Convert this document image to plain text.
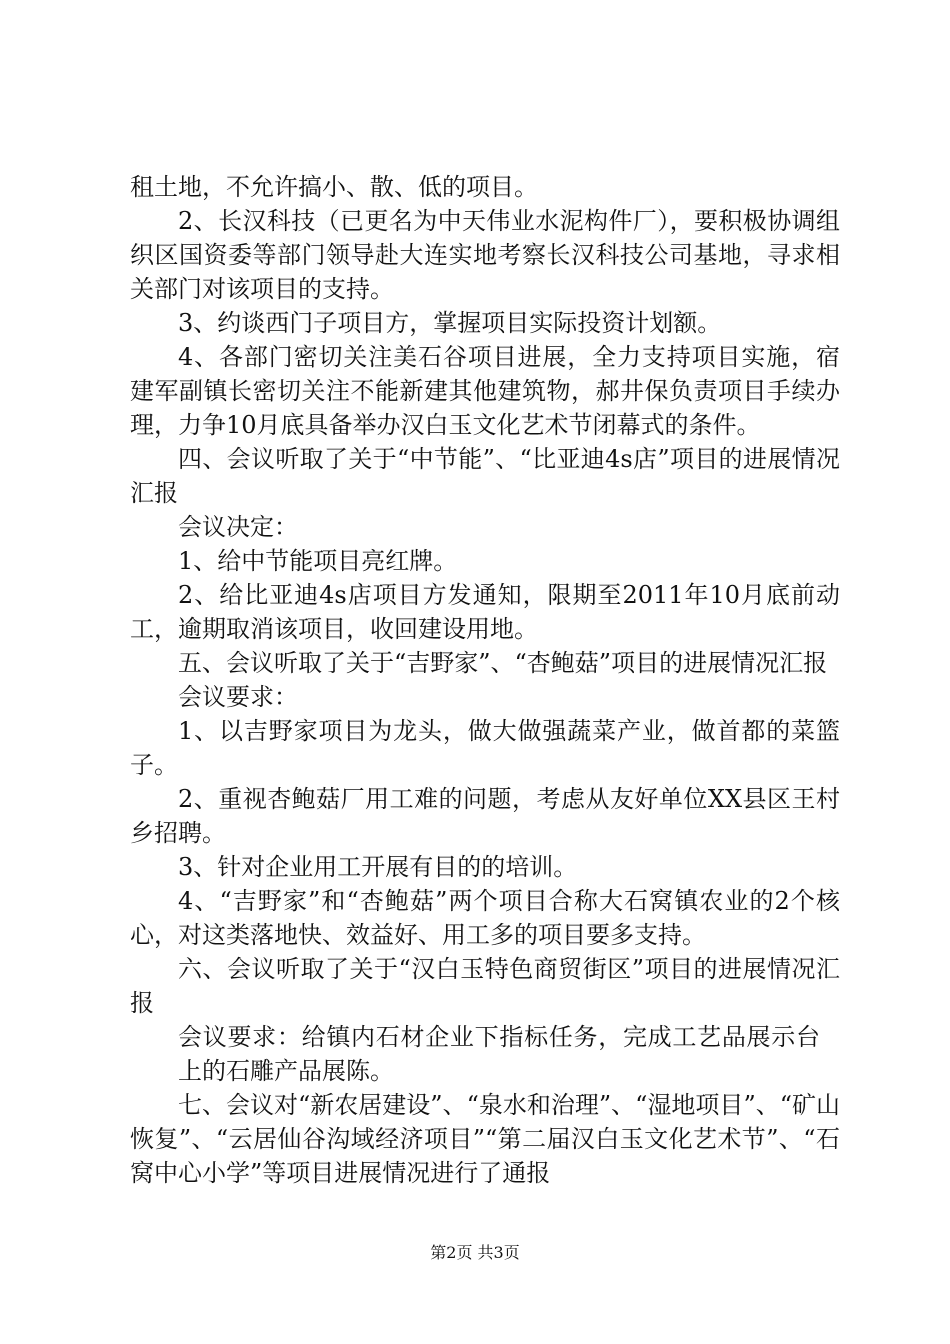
租土地，不允许搞小、散、低的项目。

2、长汉科技（已更名为中天伟业水泥构件厂），要积极协调组织区国资委等部门领导赴大连实地考察长汉科技公司基地，寻求相关部门对该项目的支持。

3、约谈西门子项目方，掌握项目实际投资计划额。

4、各部门密切关注美石谷项目进展，全力支持项目实施，宿建军副镇长密切关注不能新建其他建筑物，郝井保负责项目手续办理，力争10月底具备举办汉白玉文化艺术节闭幕式的条件。

四、会议听取了关于“中节能”、“比亚迪4s店”项目的进展情况汇报

会议决定：

1、给中节能项目亮红牌。

2、给比亚迪4s店项目方发通知，限期至2011年10月底前动工，逾期取消该项目，收回建设用地。

五、会议听取了关于“吉野家”、“杏鲍菇”项目的进展情况汇报

会议要求：

1、以吉野家项目为龙头，做大做强蔬菜产业，做首都的菜篮子。

2、重视杏鲍菇厂用工难的问题，考虑从友好单位XX县区王村乡招聘。

3、针对企业用工开展有目的的培训。

4、“吉野家”和“杏鲍菇”两个项目合称大石窝镇农业的2个核心，对这类落地快、效益好、用工多的项目要多支持。

六、会议听取了关于“汉白玉特色商贸街区”项目的进展情况汇报

会议要求：给镇内石材企业下指标任务，完成工艺品展示台上的石雕产品展陈。

七、会议对“新农居建设”、“泉水和治理”、“湿地项目”、“矿山恢复”、“云居仙谷沟域经济项目”“第二届汉白玉文化艺术节”、“石窝中心小学”等项目进展情况进行了通报

第2页 共3页
